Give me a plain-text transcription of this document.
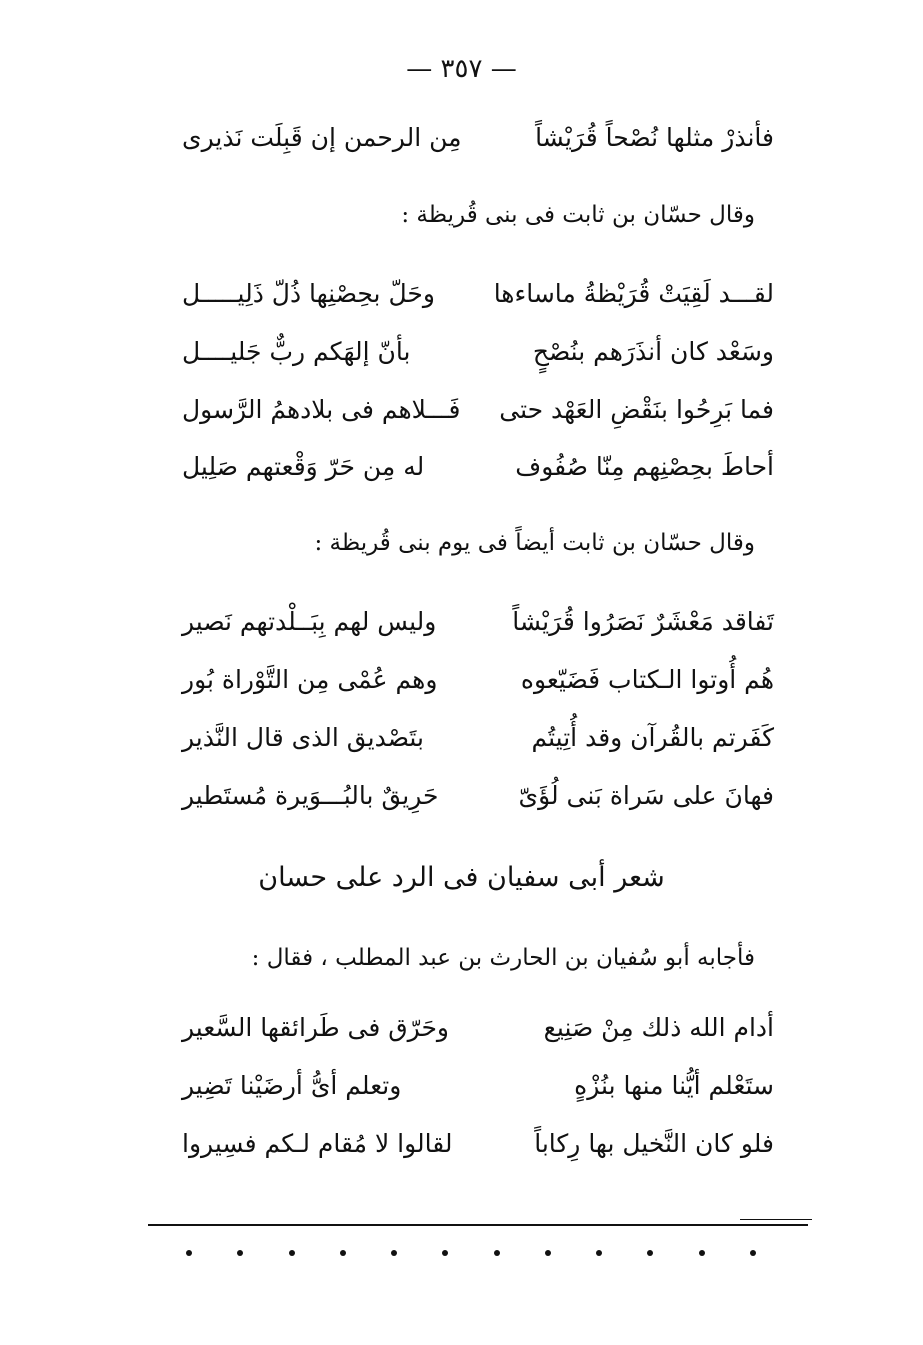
— ٣٥٧ —
فأنذرْ مثلها نُصْحاً قُرَيْشاً
مِن الرحمن إن قَبِلَت نَذيرى
وقال حسّان بن ثابت فى بنى قُريظة :
لقـــد لَقِيَتْ قُرَيْظةُ ماساءها
وحَلّ بحِصْنِها ذُلّ ذَلِيـــــل
وسَعْد كان أنذَرَهم بنُصْحٍ
بأنّ إلهَكم ربٌّ جَليــــل
فما بَرِحُوا بنَقْضِ العَهْد حتى
فَـــلاهم فى بلادهمُ الرَّسول
أحاطَ بحِصْنِهم مِنّا صُفُوف
له مِن حَرّ وَقْعتهم صَلِيل
وقال حسّان بن ثابت أيضاً فى يوم بنى قُريظة :
تَفاقد مَعْشَرٌ نَصَرُوا قُرَيْشاً
وليس لهم بِبَــلْدتهم نَصير
هُم أُوتوا الـكتاب فَضَيّعوه
وهم عُمْى مِن التَّوْراة بُور
كَفَرتم بالقُرآن وقد أُتِيتُم
بتَصْديق الذى قال النَّذير
فهانَ على سَراة بَنى لُؤَىّ
حَرِيقٌ بالبُـــوَيرة مُستَطير
شعر أبى سفيان فى الرد على حسان
فأجابه أبو سُفيان بن الحارث بن عبد المطلب ، فقال :
أدام الله ذلك مِنْ صَنِيع
وحَرّق فى طَرائقها السَّعير
ستَعْلم أيُّنا منها بنُزْهٍ
وتعلم أىُّ أرضَيْنا تَضِير
فلو كان النَّخيل بها رِكاباً
لقالوا لا مُقام لـكم فسِيروا
